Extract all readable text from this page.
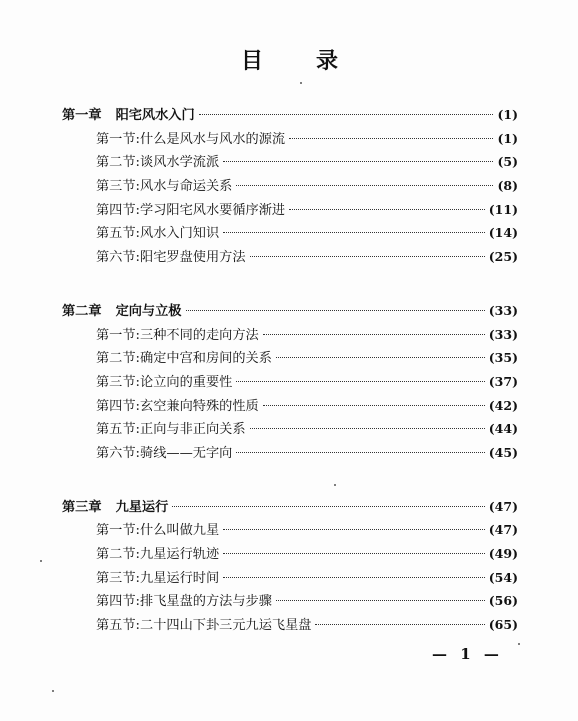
目 录
第一章 阳宅风水入门	(1)
第一节:什么是风水与风水的源流	(1)
第二节:谈风水学流派	(5)
第三节:风水与命运关系	(8)
第四节:学习阳宅风水要循序渐进	(11)
第五节:风水入门知识	(14)
第六节:阳宅罗盘使用方法	(25)
第二章 定向与立极	(33)
第一节:三种不同的走向方法	(33)
第二节:确定中宫和房间的关系	(35)
第三节:论立向的重要性	(37)
第四节:玄空兼向特殊的性质	(42)
第五节:正向与非正向关系	(44)
第六节:骑线——无字向	(45)
第三章 九星运行	(47)
第一节:什么叫做九星	(47)
第二节:九星运行轨迹	(49)
第三节:九星运行时间	(54)
第四节:排飞星盘的方法与步骤	(56)
第五节:二十四山下卦三元九运飞星盘	(65)
— 1 —
